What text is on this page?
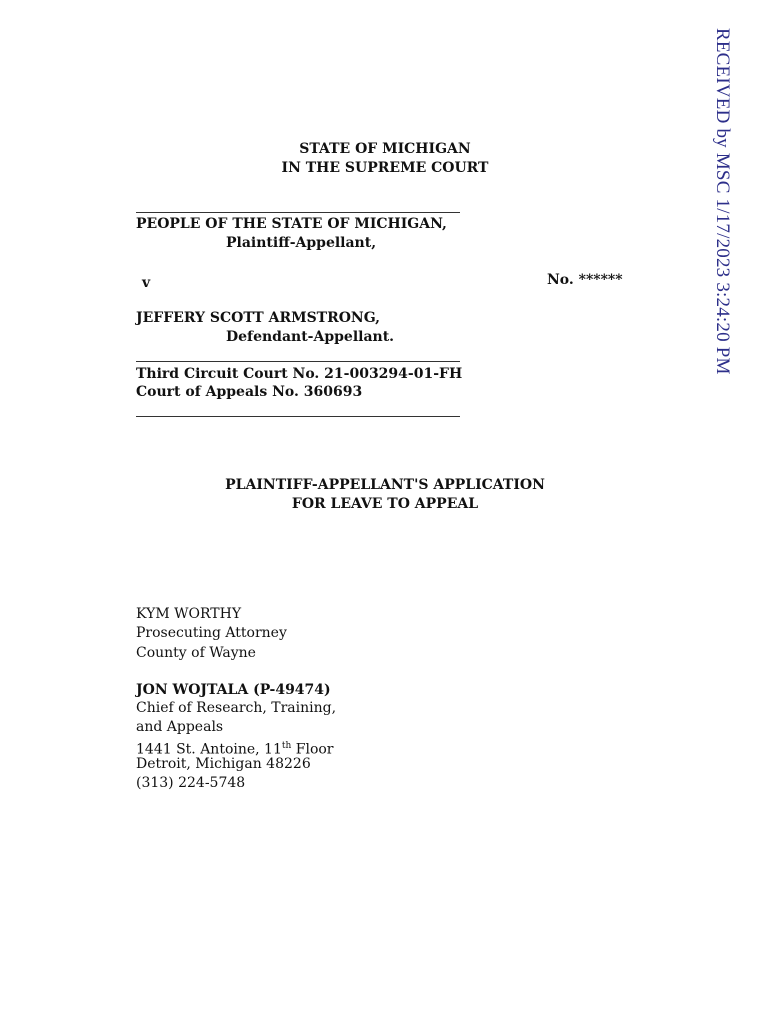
RECEIVED by MSC 1/17/2023 3:24:20 PM
STATE OF MICHIGAN
IN THE SUPREME COURT
PEOPLE OF THE STATE OF MICHIGAN,
Plaintiff-Appellant,
v	No. ******
JEFFERY SCOTT ARMSTRONG,
Defendant-Appellant.
Third Circuit Court No. 21-003294-01-FH
Court of Appeals No. 360693
PLAINTIFF-APPELLANT'S APPLICATION
FOR LEAVE TO APPEAL
KYM WORTHY
Prosecuting Attorney
County of Wayne
JON WOJTALA (P-49474)
Chief of Research, Training,
and Appeals
1441 St. Antoine, 11th Floor
Detroit, Michigan 48226
(313) 224-5748
